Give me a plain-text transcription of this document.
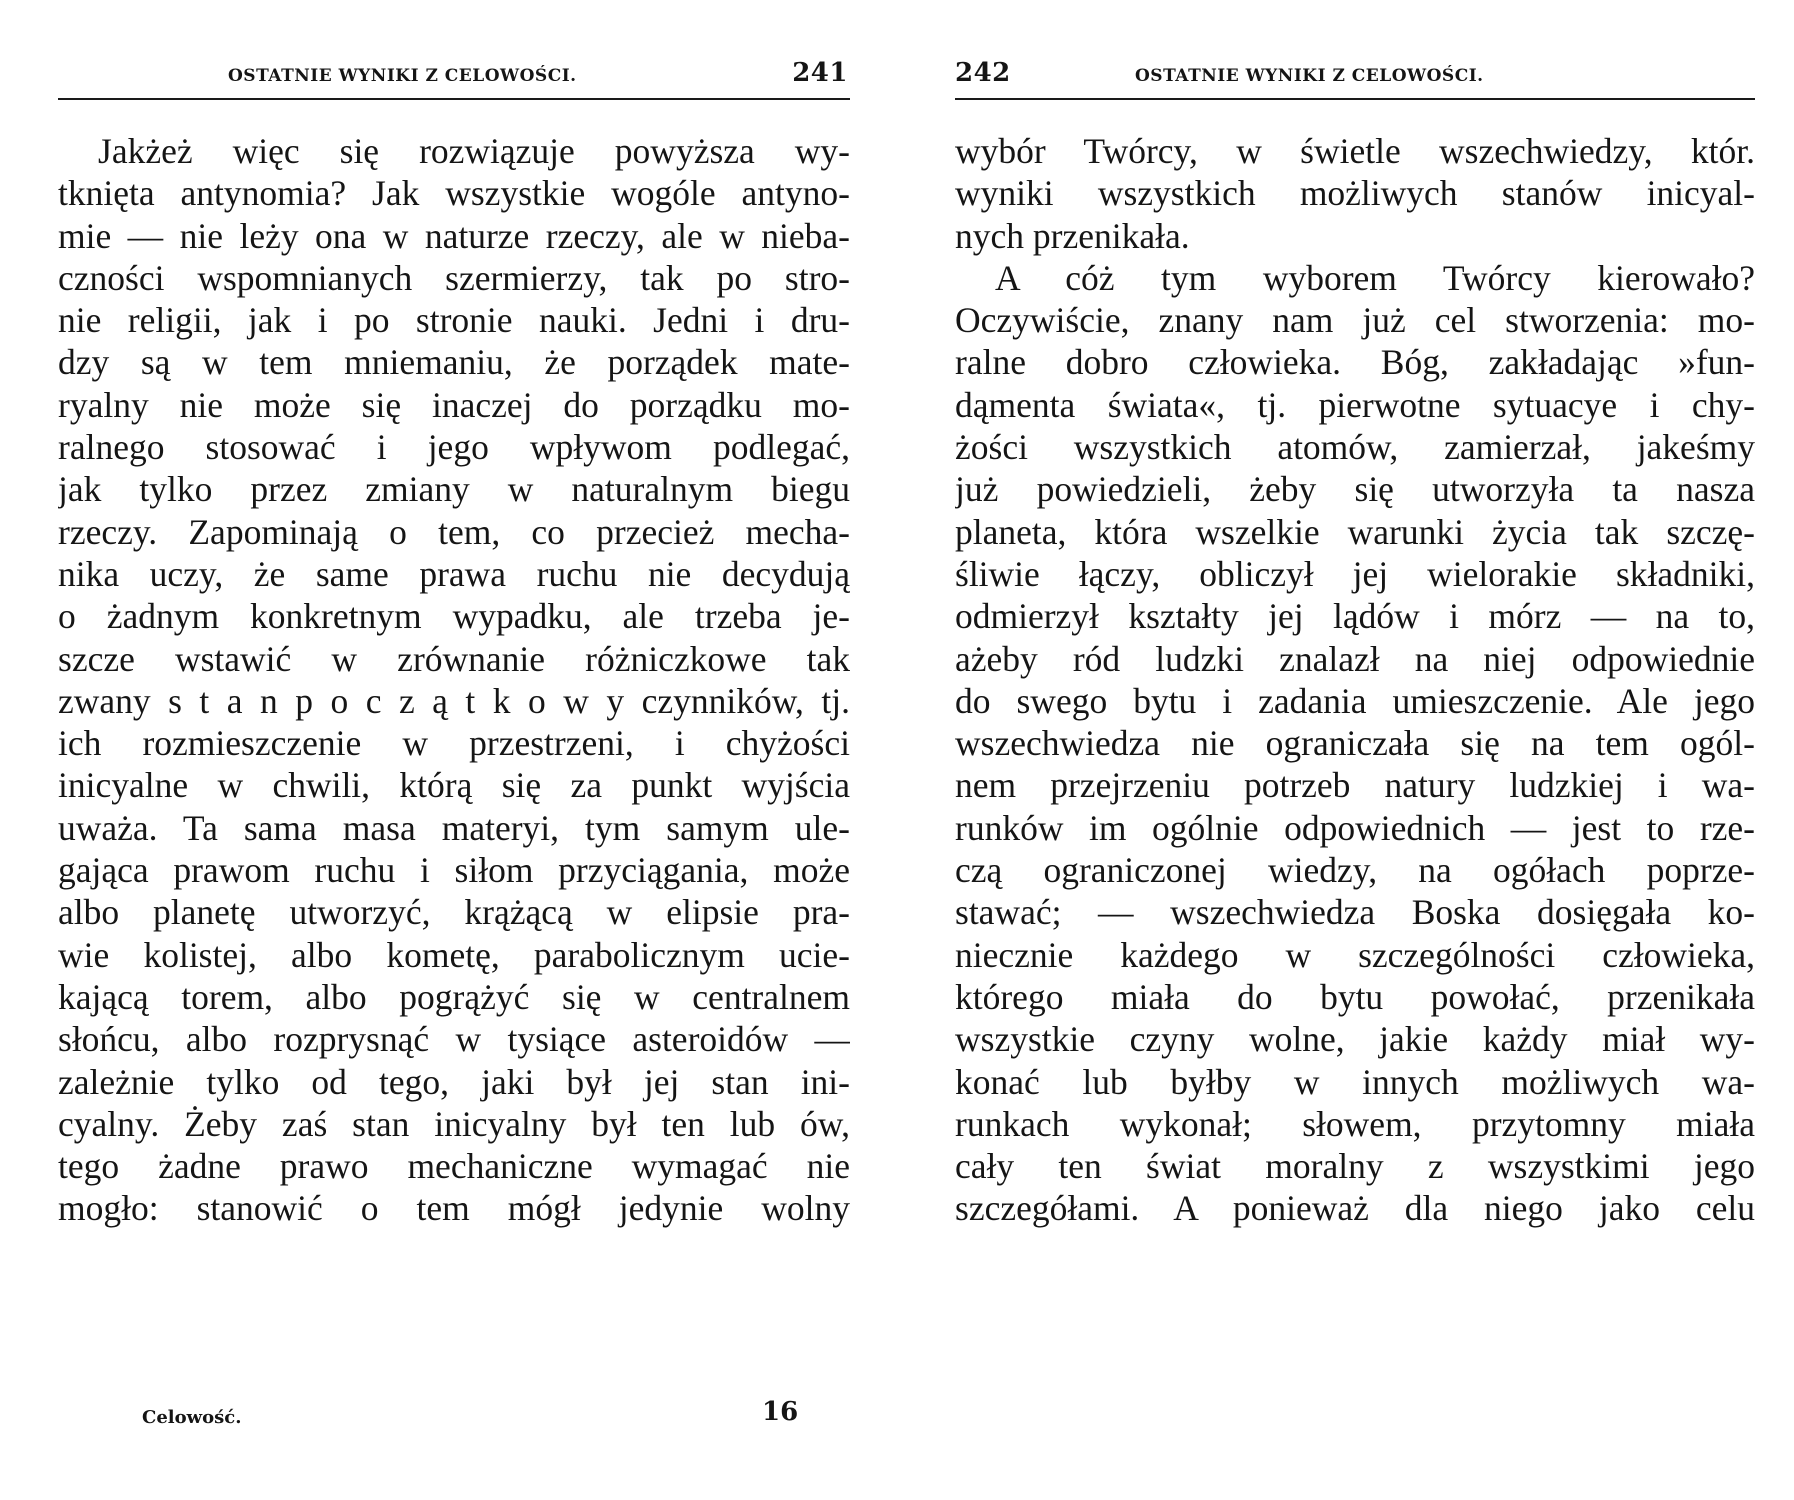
OSTATNIE WYNIKI Z CELOWOŚCI.	241
Jakżeż więc się rozwiązuje powyższa wy-
tknięta antynomia? Jak wszystkie wogóle antyno-
mie — nie leży ona w naturze rzeczy, ale w nieba-
czności wspomnianych szermierzy, tak po stro-
nie religii, jak i po stronie nauki. Jedni i dru-
dzy są w tem mniemaniu, że porządek mate-
ryalny nie może się inaczej do porządku mo-
ralnego stosować i jego wpływom podlegać,
jak tylko przez zmiany w naturalnym biegu
rzeczy. Zapominają o tem, co przecież mecha-
nika uczy, że same prawa ruchu nie decydują
o żadnym konkretnym wypadku, ale trzeba je-
szcze wstawić w zrównanie różniczkowe tak
zwany s t a n p o c z ą t k o w y czynników, tj.
ich rozmieszczenie w przestrzeni, i chyżości
inicyalne w chwili, którą się za punkt wyjścia
uważa. Ta sama masa materyi, tym samym ule-
gająca prawom ruchu i siłom przyciągania, może
albo planetę utworzyć, krążącą w elipsie pra-
wie kolistej, albo kometę, parabolicznym ucie-
kającą torem, albo pogrążyć się w centralnem
słońcu, albo rozprysnąć w tysiące asteroidów —
zależnie tylko od tego, jaki był jej stan ini-
cyalny. Żeby zaś stan inicyalny był ten lub ów,
tego żadne prawo mechaniczne wymagać nie
mogło: stanowić o tem mógł jedynie wolny
Celowość.	16
242	OSTATNIE WYNIKI Z CELOWOŚCI.
wybór Twórcy, w świetle wszechwiedzy, któr.
wyniki wszystkich możliwych stanów inicyal-
nych przenikała.
A cóż tym wyborem Twórcy kierowało?
Oczywiście, znany nam już cel stworzenia: mo-
ralne dobro człowieka. Bóg, zakładając »fun-
dąmenta świata«, tj. pierwotne sytuacye i chy-
żości wszystkich atomów, zamierzał, jakeśmy
już powiedzieli, żeby się utworzyła ta nasza
planeta, która wszelkie warunki życia tak szczę-
śliwie łączy, obliczył jej wielorakie składniki,
odmierzył kształty jej lądów i mórz — na to,
ażeby ród ludzki znalazł na niej odpowiednie
do swego bytu i zadania umieszczenie. Ale jego
wszechwiedza nie ograniczała się na tem ogól-
nem przejrzeniu potrzeb natury ludzkiej i wa-
runków im ogólnie odpowiednich — jest to rze-
czą ograniczonej wiedzy, na ogółach poprze-
stawać; — wszechwiedza Boska dosięgała ko-
niecznie każdego w szczególności człowieka,
którego miała do bytu powołać, przenikała
wszystkie czyny wolne, jakie każdy miał wy-
konać lub byłby w innych możliwych wa-
runkach wykonał; słowem, przytomny miała
cały ten świat moralny z wszystkimi jego
szczegółami. A ponieważ dla niego jako celu
